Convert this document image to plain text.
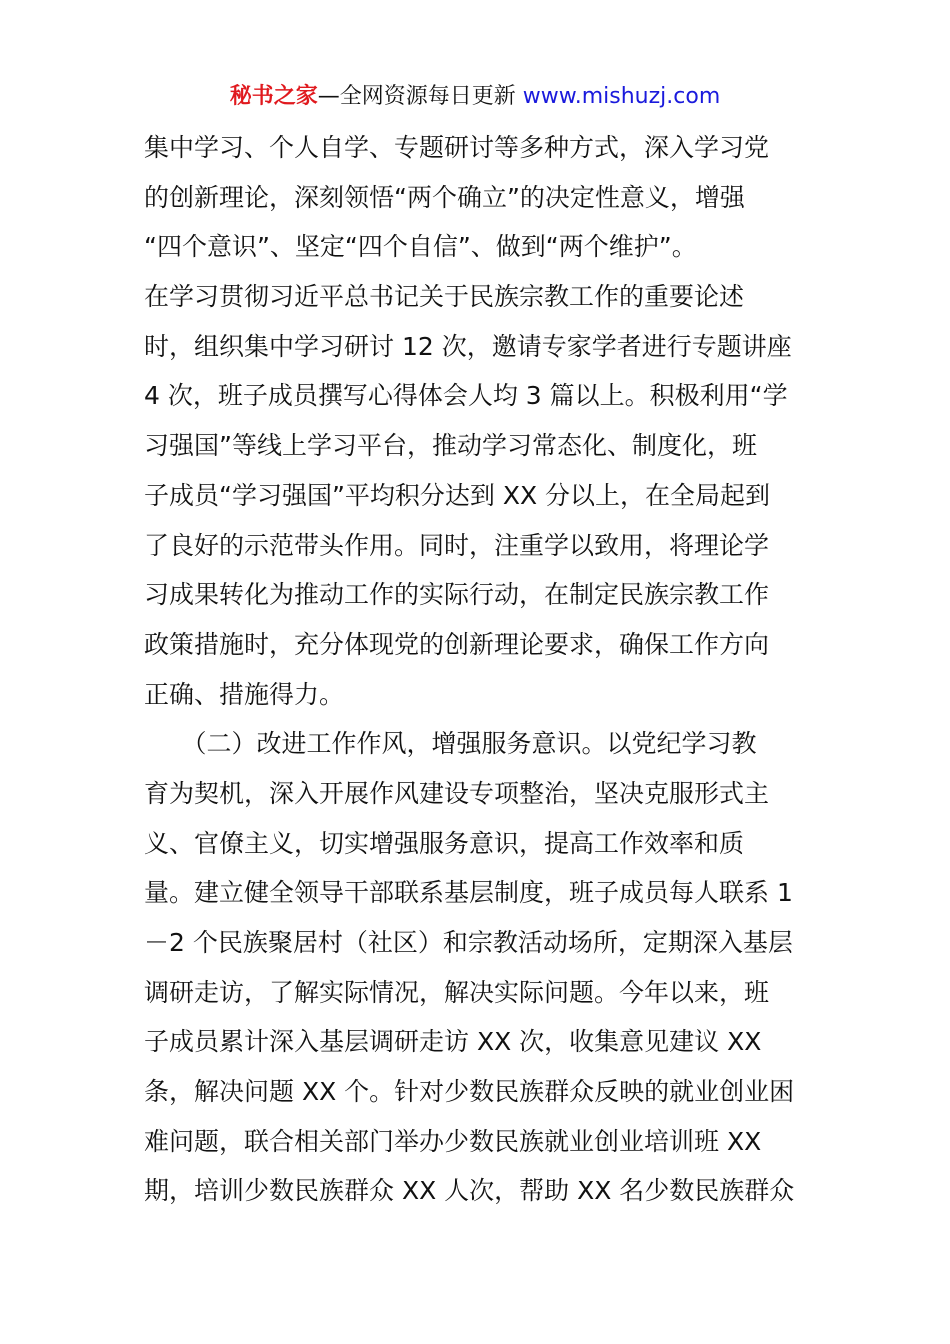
秘书之家—全网资源每日更新 www.mishuzj.com
集中学习、个人自学、专题研讨等多种方式，深入学习党
的创新理论，深刻领悟“两个确立”的决定性意义，增强
“四个意识”、坚定“四个自信”、做到“两个维护”。
在学习贯彻习近平总书记关于民族宗教工作的重要论述
时，组织集中学习研讨 12 次，邀请专家学者进行专题讲座
4 次，班子成员撰写心得体会人均 3 篇以上。积极利用“学
习强国”等线上学习平台，推动学习常态化、制度化，班
子成员“学习强国”平均积分达到 XX 分以上，在全局起到
了良好的示范带头作用。同时，注重学以致用，将理论学
习成果转化为推动工作的实际行动，在制定民族宗教工作
政策措施时，充分体现党的创新理论要求，确保工作方向
正确、措施得力。
　　（二）改进工作作风，增强服务意识。以党纪学习教
育为契机，深入开展作风建设专项整治，坚决克服形式主
义、官僚主义，切实增强服务意识，提高工作效率和质
量。建立健全领导干部联系基层制度，班子成员每人联系 1
－2 个民族聚居村（社区）和宗教活动场所，定期深入基层
调研走访，了解实际情况，解决实际问题。今年以来，班
子成员累计深入基层调研走访 XX 次，收集意见建议 XX
条，解决问题 XX 个。针对少数民族群众反映的就业创业困
难问题，联合相关部门举办少数民族就业创业培训班 XX
期，培训少数民族群众 XX 人次，帮助 XX 名少数民族群众
